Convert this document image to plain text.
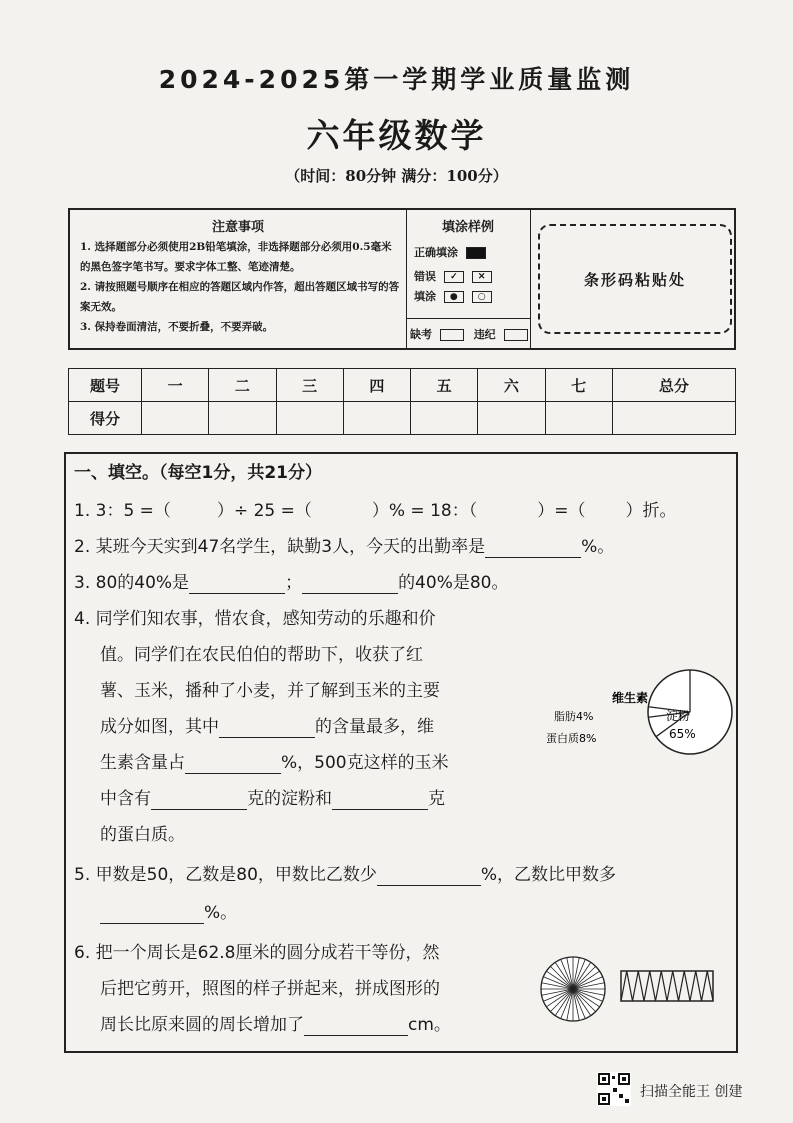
2024-2025第一学期学业质量监测
六年级数学
（时间：80分钟 满分：100分）
注意事项

1. 选择题部分必须使用2B铅笔填涂，非选择题部分必须用0.5毫米的黑色签字笔书写。要求字体工整、笔迹清楚。

2. 请按照题号顺序在相应的答题区域内作答，超出答题区域书写的答案无效。

3. 保持卷面清洁，不要折叠，不要弄破。

填涂样例
正确填涂
错误 ✓ ✕
填涂 ● ○
缺考	违纪
条形码粘贴处
题号	一	二	三	四	五	六	七	总分
得分								
一、填空。（每空1分，共21分）
1. 3：5 =（	）÷ 25 =（	）% = 18：（	）=（ ）折。
2. 某班今天实到47名学生，缺勤3人，今天的出勤率是	%。
3. 80的40%是	；	的40%是80。
4. 同学们知农事，惜农食，感知劳动的乐趣和价
值。同学们在农民伯伯的帮助下，收获了红
薯、玉米，播种了小麦，并了解到玉米的主要
成分如图，其中	的含量最多，维
生素含量占	%，500克这样的玉米
中含有	克的淀粉和	克
的蛋白质。
维生素
脂肪4%
蛋白质8%
淀粉
65%
5. 甲数是50，乙数是80，甲数比乙数少	%，乙数比甲数多
%。
6. 把一个周长是62.8厘米的圆分成若干等份，然
后把它剪开，照图的样子拼起来，拼成图形的
周长比原来圆的周长增加了	cm。
扫描全能王 创建
